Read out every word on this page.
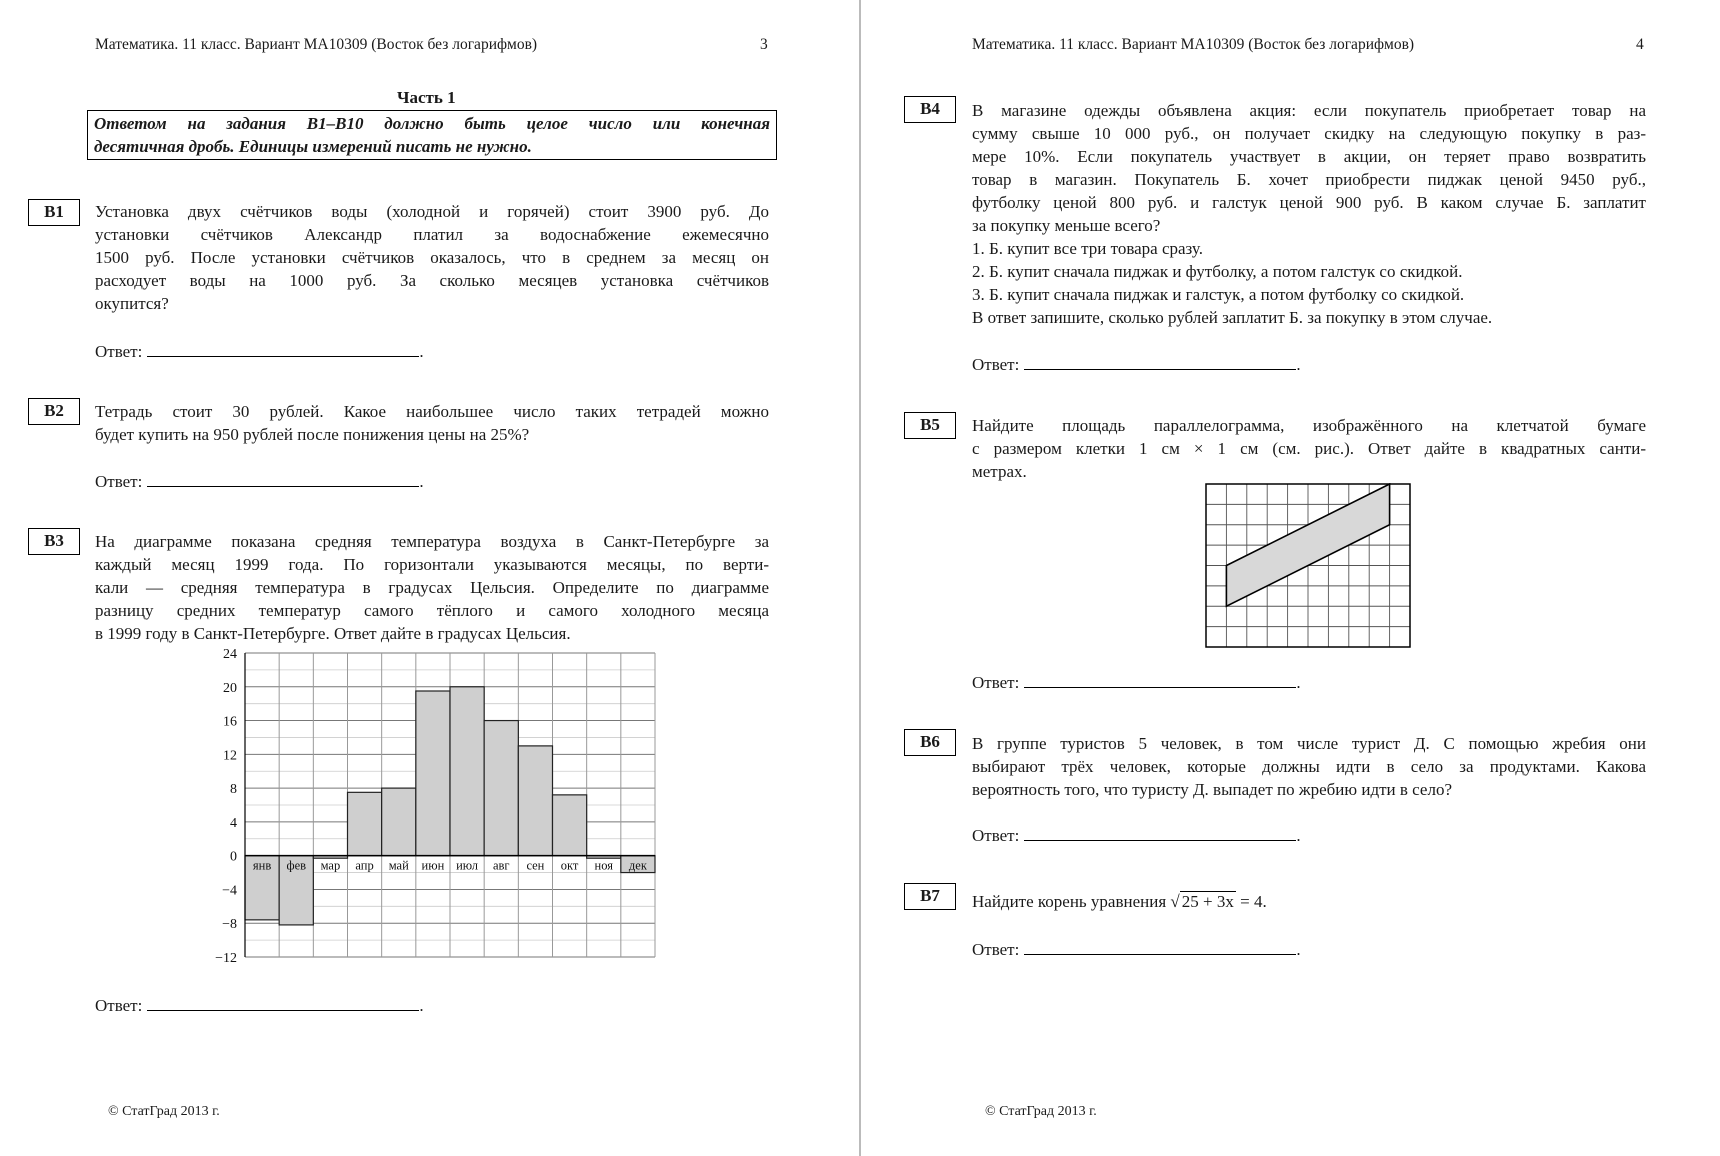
Математика. 11 класс. Вариант МА10309 (Восток без логарифмов)	3
Часть 1
Ответом на задания B1–B10 должно быть целое число или конечная
десятичная дробь. Единицы измерений писать не нужно.
B1	Установка двух счётчиков воды (холодной и горячей) стоит 3900 руб. До
установки счётчиков Александр платил за водоснабжение ежемесячно
1500 руб. После установки счётчиков оказалось, что в среднем за месяц он
расходует воды на 1000 руб. За сколько месяцев установка счётчиков
окупится?
Ответ:	.
B2	Тетрадь стоит 30 рублей. Какое наибольшее число таких тетрадей можно
будет купить на 950 рублей после понижения цены на 25%?
Ответ:	.
B3	На диаграмме показана средняя температура воздуха в Санкт-Петербурге за
каждый месяц 1999 года. По горизонтали указываются месяцы, по верти-
кали — средняя температура в градусах Цельсия. Определите по диаграмме
разницу средних температур самого тёплого и самого холодного месяца
в 1999 году в Санкт-Петербурге. Ответ дайте в градусах Цельсия.
24
20
16
12
8
4
0
−4
−8
−12
янв фев мар апр май июн июл авг сен окт ноя дек
Ответ:	.
© СтатГрад 2013 г.
Математика. 11 класс. Вариант МА10309 (Восток без логарифмов)	4
B4	В магазине одежды объявлена акция: если покупатель приобретает товар на
сумму свыше 10 000 руб., он получает скидку на следующую покупку в раз-
мере 10%. Если покупатель участвует в акции, он теряет право возвратить
товар в магазин. Покупатель Б. хочет приобрести пиджак ценой 9450 руб.,
футболку ценой 800 руб. и галстук ценой 900 руб. В каком случае Б. заплатит
за покупку меньше всего?
1. Б. купит все три товара сразу.
2. Б. купит сначала пиджак и футболку, а потом галстук со скидкой.
3. Б. купит сначала пиджак и галстук, а потом футболку со скидкой.
В ответ запишите, сколько рублей заплатит Б. за покупку в этом случае.
Ответ:	.
B5	Найдите площадь параллелограмма, изображённого на клетчатой бумаге
с размером клетки 1 см × 1 см (см. рис.). Ответ дайте в квадратных санти-
метрах.
Ответ:	.
B6	В группе туристов 5 человек, в том числе турист Д. С помощью жребия они
выбирают трёх человек, которые должны идти в село за продуктами. Какова
вероятность того, что туристу Д. выпадет по жребию идти в село?
Ответ:	.
B7	Найдите корень уравнения √ 25 + 3x = 4.
Ответ:	.
© СтатГрад 2013 г.
